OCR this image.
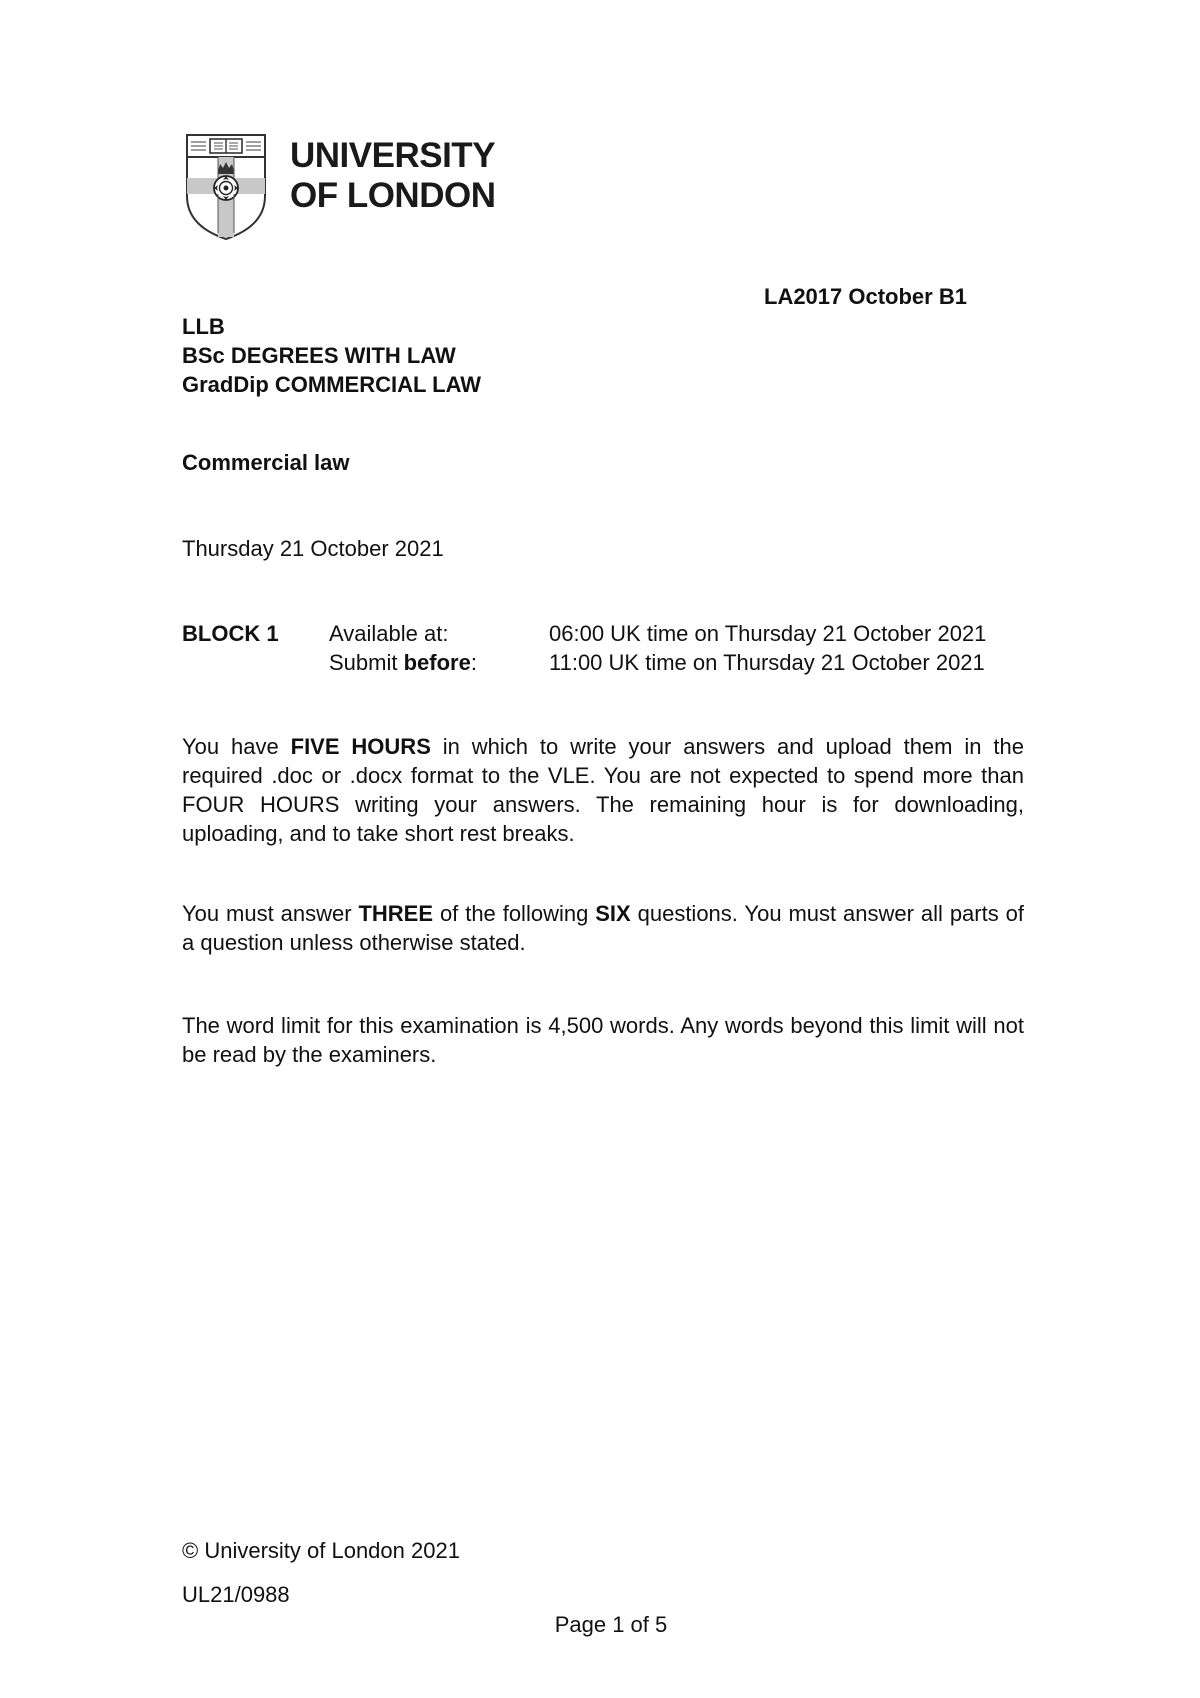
UNIVERSITY
OF LONDON
LA2017 October B1
LLB
BSc DEGREES WITH LAW
GradDip COMMERCIAL LAW
Commercial law
Thursday 21 October 2021
BLOCK 1 Available at:	06:00 UK time on Thursday 21 October 2021
Submit before:	11:00 UK time on Thursday 21 October 2021
You have FIVE HOURS in which to write your answers and upload them in the required .doc or .docx format to the VLE. You are not expected to spend more than FOUR HOURS writing your answers. The remaining hour is for downloading, uploading, and to take short rest breaks.
You must answer THREE of the following SIX questions. You must answer all parts of a question unless otherwise stated.
The word limit for this examination is 4,500 words. Any words beyond this limit will not be read by the examiners.
© University of London 2021
UL21/0988
Page 1 of 5
